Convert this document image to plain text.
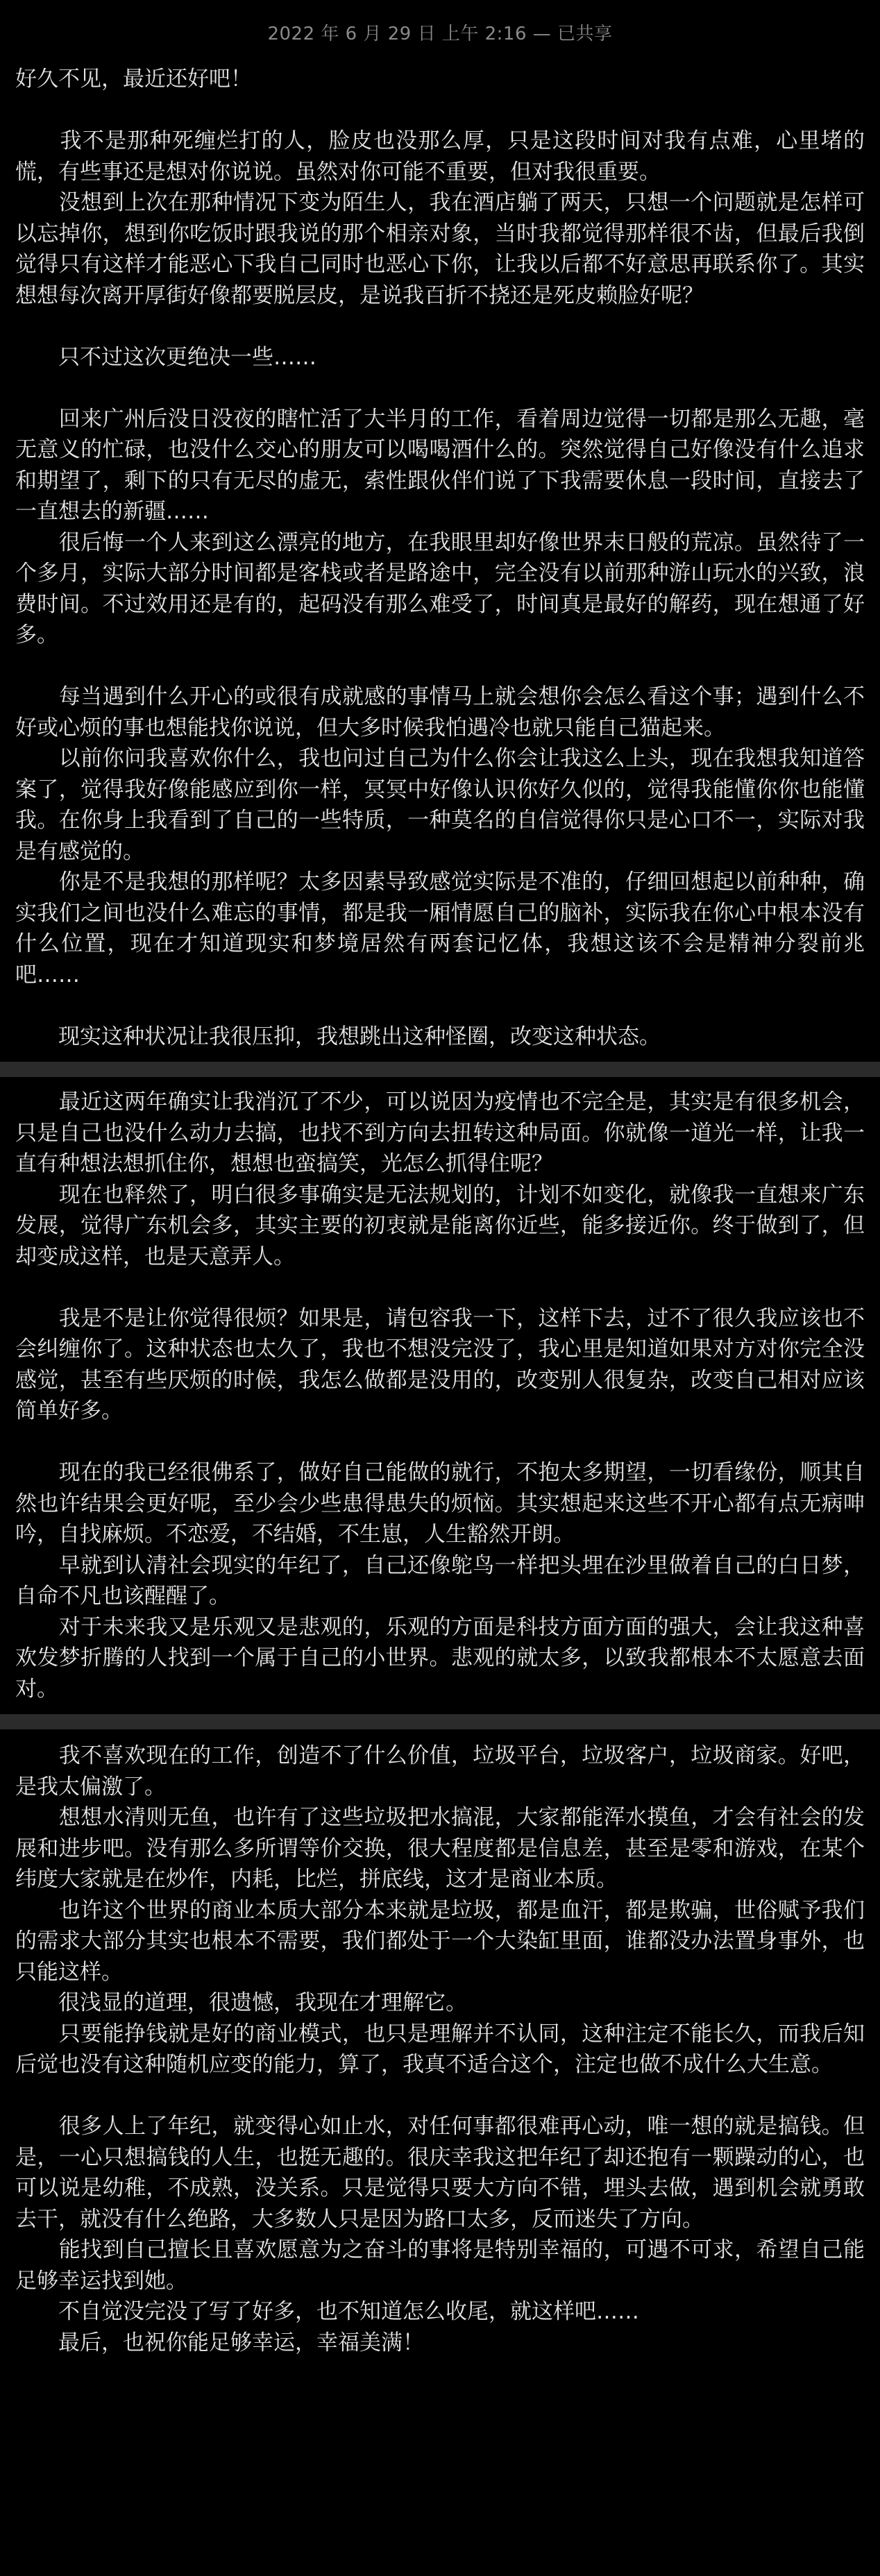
2022 年 6 月 29 日 上午 2:16 — 已共享

好久不见，最近还好吧！

　　我不是那种死缠烂打的人，脸皮也没那么厚，只是这段时间对我有点难，心里堵的慌，有些事还是想对你说说。虽然对你可能不重要，但对我很重要。

　　没想到上次在那种情况下变为陌生人，我在酒店躺了两天，只想一个问题就是怎样可以忘掉你，想到你吃饭时跟我说的那个相亲对象，当时我都觉得那样很不齿，但最后我倒觉得只有这样才能恶心下我自己同时也恶心下你，让我以后都不好意思再联系你了。其实想想每次离开厚街好像都要脱层皮，是说我百折不挠还是死皮赖脸好呢？

　　只不过这次更绝决一些……

　　回来广州后没日没夜的瞎忙活了大半月的工作，看着周边觉得一切都是那么无趣，毫无意义的忙碌，也没什么交心的朋友可以喝喝酒什么的。突然觉得自己好像没有什么追求和期望了，剩下的只有无尽的虚无，索性跟伙伴们说了下我需要休息一段时间，直接去了一直想去的新疆……

　　很后悔一个人来到这么漂亮的地方，在我眼里却好像世界末日般的荒凉。虽然待了一个多月，实际大部分时间都是客栈或者是路途中，完全没有以前那种游山玩水的兴致，浪费时间。不过效用还是有的，起码没有那么难受了，时间真是最好的解药，现在想通了好多。

　　每当遇到什么开心的或很有成就感的事情马上就会想你会怎么看这个事；遇到什么不好或心烦的事也想能找你说说，但大多时候我怕遇冷也就只能自己猫起来。

　　以前你问我喜欢你什么，我也问过自己为什么你会让我这么上头，现在我想我知道答案了，觉得我好像能感应到你一样，冥冥中好像认识你好久似的，觉得我能懂你你也能懂我。在你身上我看到了自己的一些特质，一种莫名的自信觉得你只是心口不一，实际对我是有感觉的。

　　你是不是我想的那样呢？太多因素导致感觉实际是不准的，仔细回想起以前种种，确实我们之间也没什么难忘的事情，都是我一厢情愿自己的脑补，实际我在你心中根本没有什么位置，现在才知道现实和梦境居然有两套记忆体，我想这该不会是精神分裂前兆吧……

　　现实这种状况让我很压抑，我想跳出这种怪圈，改变这种状态。

　　最近这两年确实让我消沉了不少，可以说因为疫情也不完全是，其实是有很多机会，只是自己也没什么动力去搞，也找不到方向去扭转这种局面。你就像一道光一样，让我一直有种想法想抓住你，想想也蛮搞笑，光怎么抓得住呢？

　　现在也释然了，明白很多事确实是无法规划的，计划不如变化，就像我一直想来广东发展，觉得广东机会多，其实主要的初衷就是能离你近些，能多接近你。终于做到了，但却变成这样，也是天意弄人。

　　我是不是让你觉得很烦？如果是，请包容我一下，这样下去，过不了很久我应该也不会纠缠你了。这种状态也太久了，我也不想没完没了，我心里是知道如果对方对你完全没感觉，甚至有些厌烦的时候，我怎么做都是没用的，改变别人很复杂，改变自己相对应该简单好多。

　　现在的我已经很佛系了，做好自己能做的就行，不抱太多期望，一切看缘份，顺其自然也许结果会更好呢，至少会少些患得患失的烦恼。其实想起来这些不开心都有点无病呻吟，自找麻烦。不恋爱，不结婚，不生崽，人生豁然开朗。

　　早就到认清社会现实的年纪了，自己还像鸵鸟一样把头埋在沙里做着自己的白日梦，自命不凡也该醒醒了。

　　对于未来我又是乐观又是悲观的，乐观的方面是科技方面方面的强大，会让我这种喜欢发梦折腾的人找到一个属于自己的小世界。悲观的就太多，以致我都根本不太愿意去面对。

　　我不喜欢现在的工作，创造不了什么价值，垃圾平台，垃圾客户，垃圾商家。好吧，是我太偏激了。

　　想想水清则无鱼，也许有了这些垃圾把水搞混，大家都能浑水摸鱼，才会有社会的发展和进步吧。没有那么多所谓等价交换，很大程度都是信息差，甚至是零和游戏，在某个纬度大家就是在炒作，内耗，比烂，拼底线，这才是商业本质。

　　也许这个世界的商业本质大部分本来就是垃圾，都是血汗，都是欺骗，世俗赋予我们的需求大部分其实也根本不需要，我们都处于一个大染缸里面，谁都没办法置身事外，也只能这样。

　　很浅显的道理，很遗憾，我现在才理解它。

　　只要能挣钱就是好的商业模式，也只是理解并不认同，这种注定不能长久，而我后知后觉也没有这种随机应变的能力，算了，我真不适合这个，注定也做不成什么大生意。

　　很多人上了年纪，就变得心如止水，对任何事都很难再心动，唯一想的就是搞钱。但是，一心只想搞钱的人生，也挺无趣的。很庆幸我这把年纪了却还抱有一颗躁动的心，也可以说是幼稚，不成熟，没关系。只是觉得只要大方向不错，埋头去做，遇到机会就勇敢去干，就没有什么绝路，大多数人只是因为路口太多，反而迷失了方向。

　　能找到自己擅长且喜欢愿意为之奋斗的事将是特别幸福的，可遇不可求，希望自己能足够幸运找到她。

　　不自觉没完没了写了好多，也不知道怎么收尾，就这样吧……

　　最后，也祝你能足够幸运，幸福美满！
